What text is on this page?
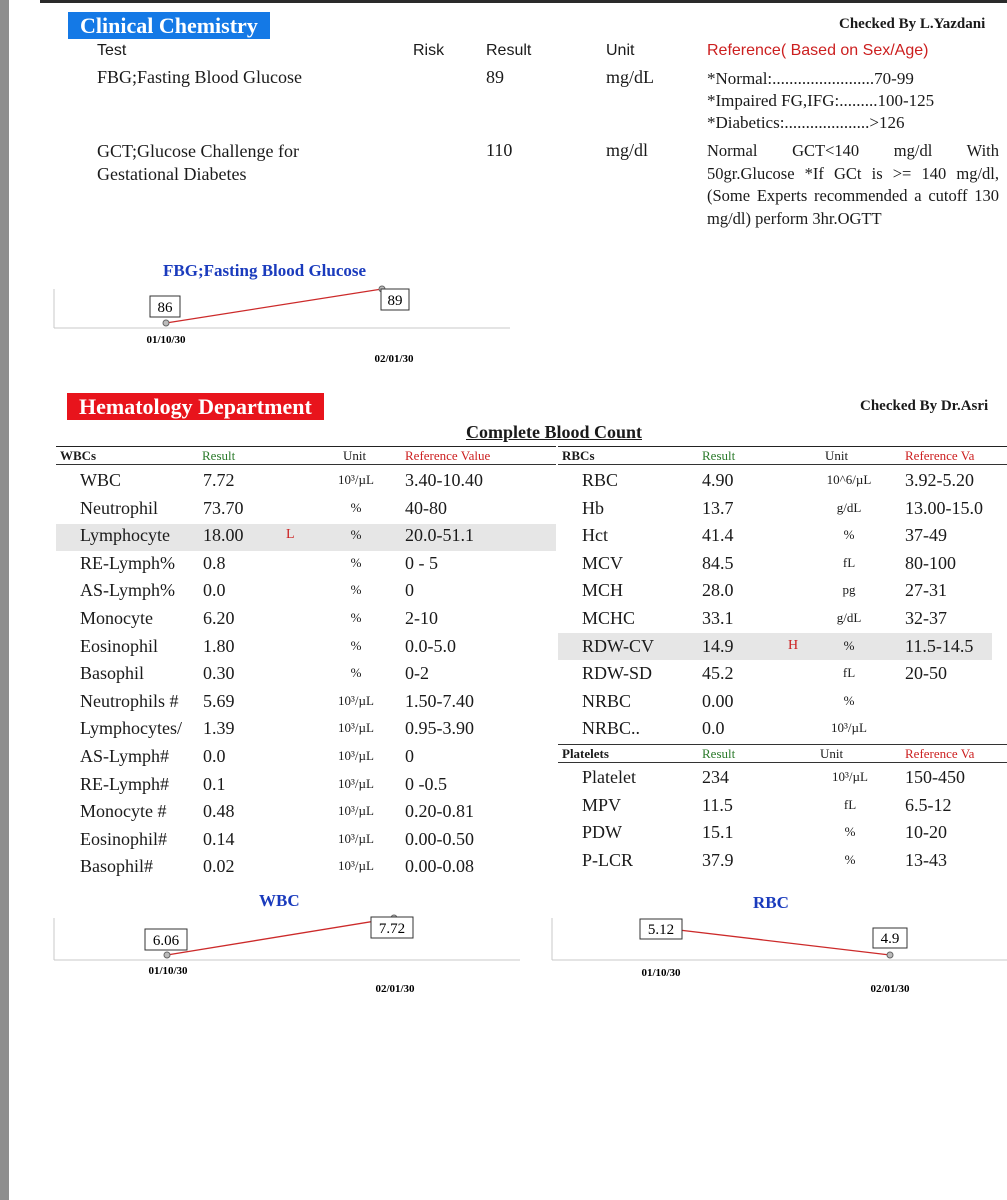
Clinical Chemistry	Checked By L.Yazdani
Test	Risk	Result	Unit	Reference( Based on Sex/Age)
FBG;Fasting Blood Glucose	89	mg/dL	*Normal:........................70-99
*Impaired FG,IFG:.........100-125
*Diabetics:....................>126
GCT;Glucose Challenge for
Gestational Diabetes
110	mg/dl	Normal GCT<140 mg/dl With 50gr.Glucose *If GCt is >= 140 mg/dl,(Some Experts recommended a cutoff 130 mg/dl) perform 3hr.OGTT
FBG;Fasting Blood Glucose
86	89
01/10/30
02/01/30
Hematology Department	Checked By Dr.Asri
Complete Blood Count
WBCs	Result	Unit	Reference Value	RBCs	Result	Unit	Reference Va
WBC	7.72	10³/µL	3.40-10.40
Neutrophil	73.70	%	40-80
Lymphocyte 18.00	L	%	20.0-51.1
RE-Lymph% 0.8	%	0 - 5
AS-Lymph% 0.0	%	0
Monocyte	6.20	%	2-10
Eosinophil 1.80	%	0.0-5.0
Basophil	0.30	%	0-2
Neutrophils # 5.69	10³/µL	1.50-7.40
Lymphocytes/ 1.39	10³/µL	0.95-3.90
AS-Lymph# 0.0	10³/µL	0
RE-Lymph# 0.1	10³/µL	0 -0.5
Monocyte # 0.48	10³/µL	0.20-0.81
Eosinophil# 0.14	10³/µL	0.00-0.50
Basophil#	0.02	10³/µL	0.00-0.08
RBC	4.90	10^6/µL	3.92-5.20
Hb	13.7	g/dL	13.00-15.0
Hct	41.4	%	37-49
MCV	84.5	fL	80-100
MCH	28.0	pg	27-31
MCHC	33.1	g/dL	32-37
RDW-CV	14.9	H	%	11.5-14.5
RDW-SD	45.2	fL	20-50
NRBC	0.00	%
NRBC..	0.0	10³/µL
Platelets	Result	Unit	Reference Va
Platelet	234	10³/µL	150-450
MPV	11.5	fL	6.5-12
PDW	15.1	%	10-20
P-LCR	37.9	%	13-43
WBC
6.06
7.72
01/10/30
02/01/30
RBC
5.12
4.9
01/10/30
02/01/30
